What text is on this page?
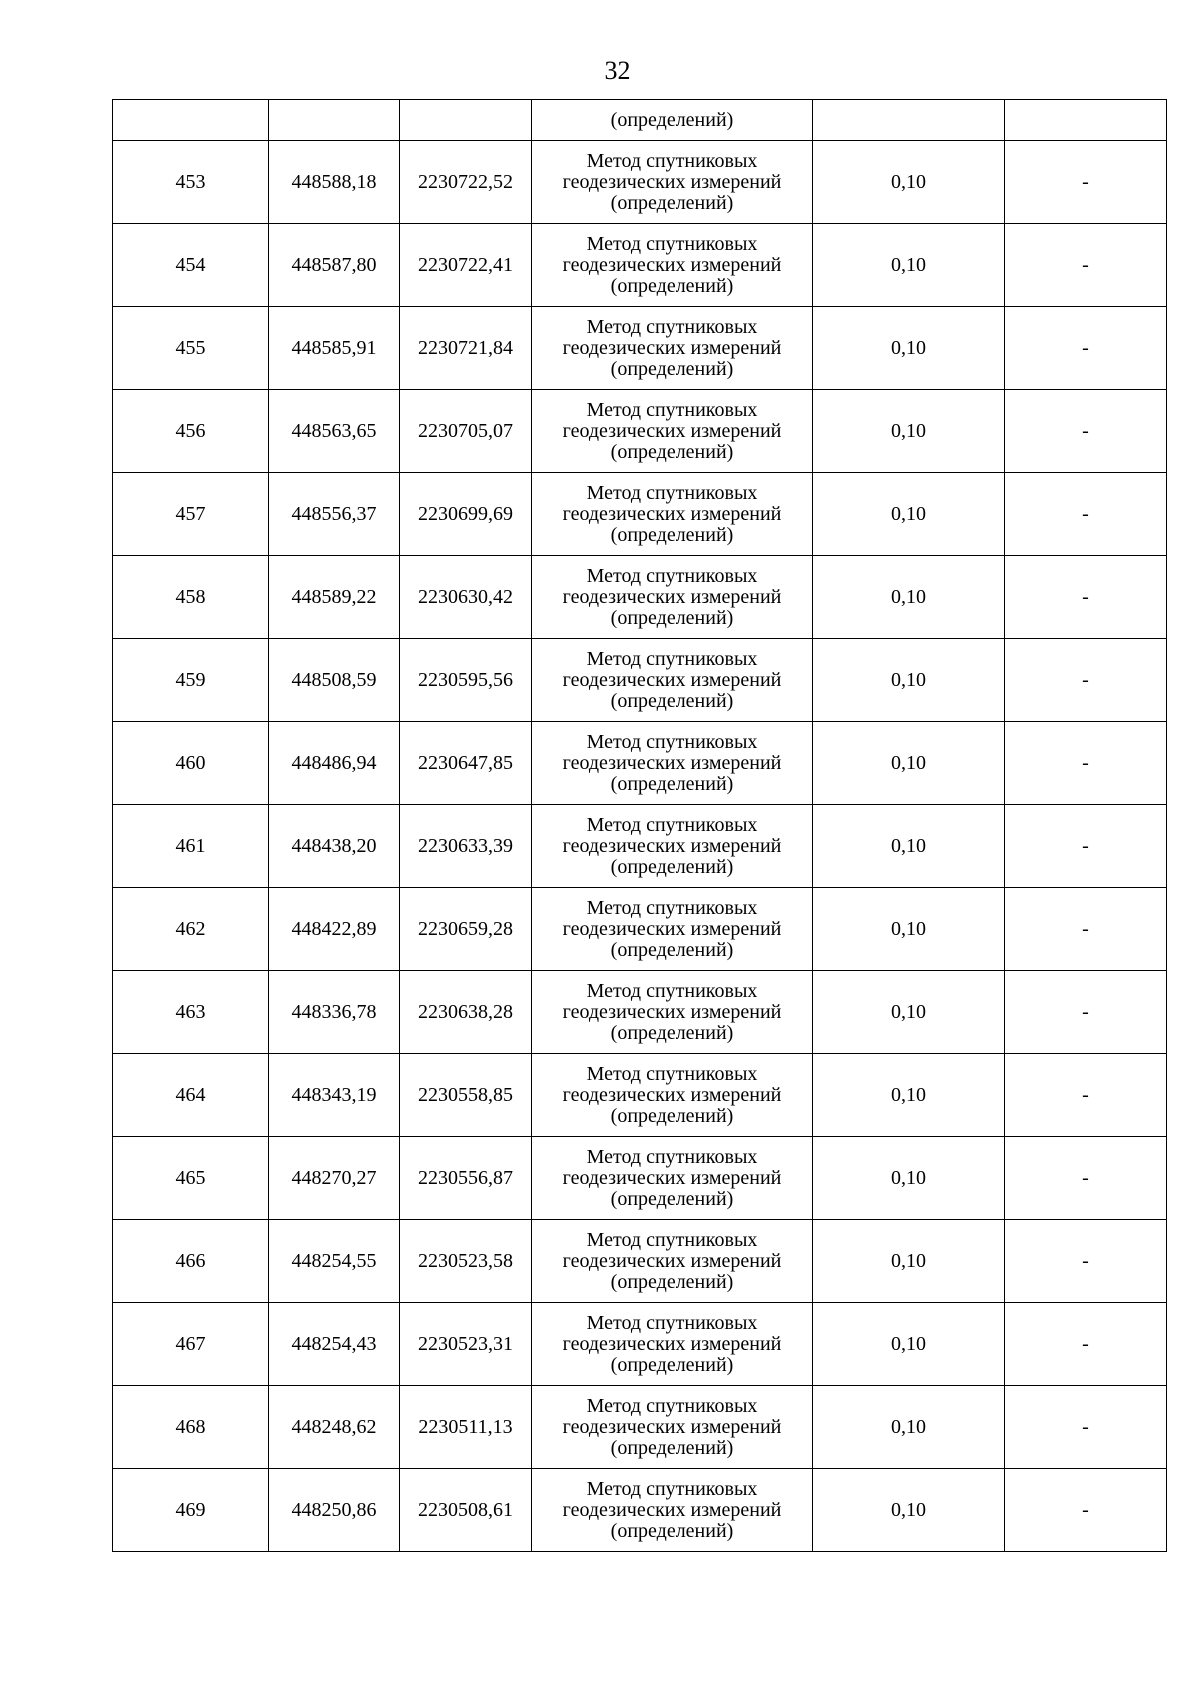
32
			(определений)		
453	448588,18	2230722,52	Метод спутниковых
геодезических измерений
(определений)	0,10	-
454	448587,80	2230722,41	Метод спутниковых
геодезических измерений
(определений)	0,10	-
455	448585,91	2230721,84	Метод спутниковых
геодезических измерений
(определений)	0,10	-
456	448563,65	2230705,07	Метод спутниковых
геодезических измерений
(определений)	0,10	-
457	448556,37	2230699,69	Метод спутниковых
геодезических измерений
(определений)	0,10	-
458	448589,22	2230630,42	Метод спутниковых
геодезических измерений
(определений)	0,10	-
459	448508,59	2230595,56	Метод спутниковых
геодезических измерений
(определений)	0,10	-
460	448486,94	2230647,85	Метод спутниковых
геодезических измерений
(определений)	0,10	-
461	448438,20	2230633,39	Метод спутниковых
геодезических измерений
(определений)	0,10	-
462	448422,89	2230659,28	Метод спутниковых
геодезических измерений
(определений)	0,10	-
463	448336,78	2230638,28	Метод спутниковых
геодезических измерений
(определений)	0,10	-
464	448343,19	2230558,85	Метод спутниковых
геодезических измерений
(определений)	0,10	-
465	448270,27	2230556,87	Метод спутниковых
геодезических измерений
(определений)	0,10	-
466	448254,55	2230523,58	Метод спутниковых
геодезических измерений
(определений)	0,10	-
467	448254,43	2230523,31	Метод спутниковых
геодезических измерений
(определений)	0,10	-
468	448248,62	2230511,13	Метод спутниковых
геодезических измерений
(определений)	0,10	-
469	448250,86	2230508,61	Метод спутниковых
геодезических измерений
(определений)	0,10	-
